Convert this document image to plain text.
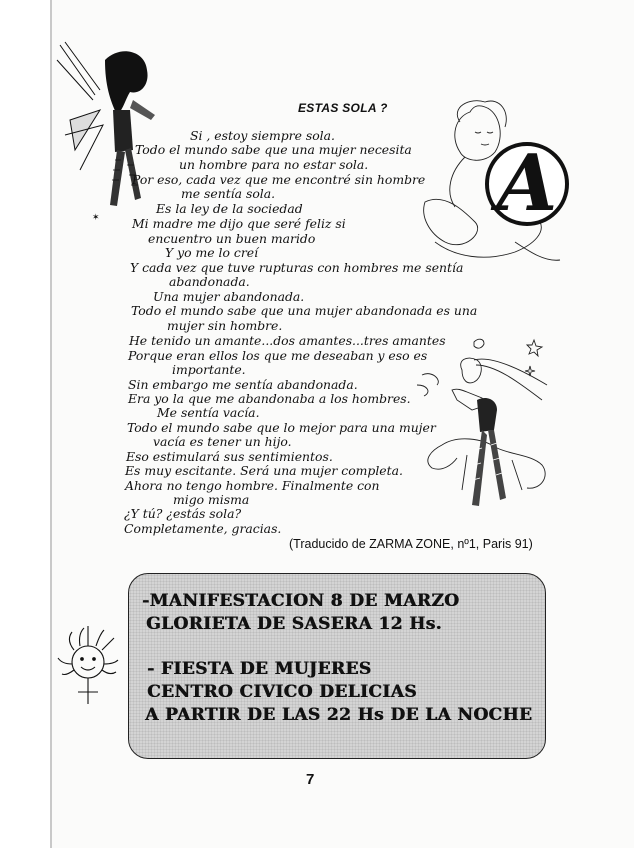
A
✶
ESTAS SOLA ?
Si , estoy siempre sola.
Todo el mundo sabe que una mujer necesita
un hombre para no estar sola.
Por eso, cada vez que me encontré sin hombre
me sentía sola.
Es la ley de la sociedad
Mi madre me dijo que seré feliz si
encuentro un buen marido
Y yo me lo creí
Y cada vez que tuve rupturas con hombres me sentía
abandonada.
Una mujer abandonada.
Todo el mundo sabe que una mujer abandonada es una
mujer sin hombre.
He tenido un amante...dos amantes...tres amantes
Porque eran ellos los que me deseaban y eso es
importante.
Sin embargo me sentía abandonada.
Era yo la que me abandonaba a los hombres.
Me sentía vacía.
Todo el mundo sabe que lo mejor para una mujer
vacía es tener un hijo.
Eso estimulará sus sentimientos.
Es muy escitante. Será una mujer completa.
Ahora no tengo hombre. Finalmente con
migo misma
¿Y tú? ¿estás sola?
Completamente, gracias.
(Traducido de ZARMA ZONE, nº1, Paris 91)
-MANIFESTACION 8 DE MARZO
GLORIETA DE SASERA 12 Hs.
- FIESTA DE MUJERES
CENTRO CIVICO DELICIAS
A PARTIR DE LAS 22 Hs DE LA NOCHE
7
